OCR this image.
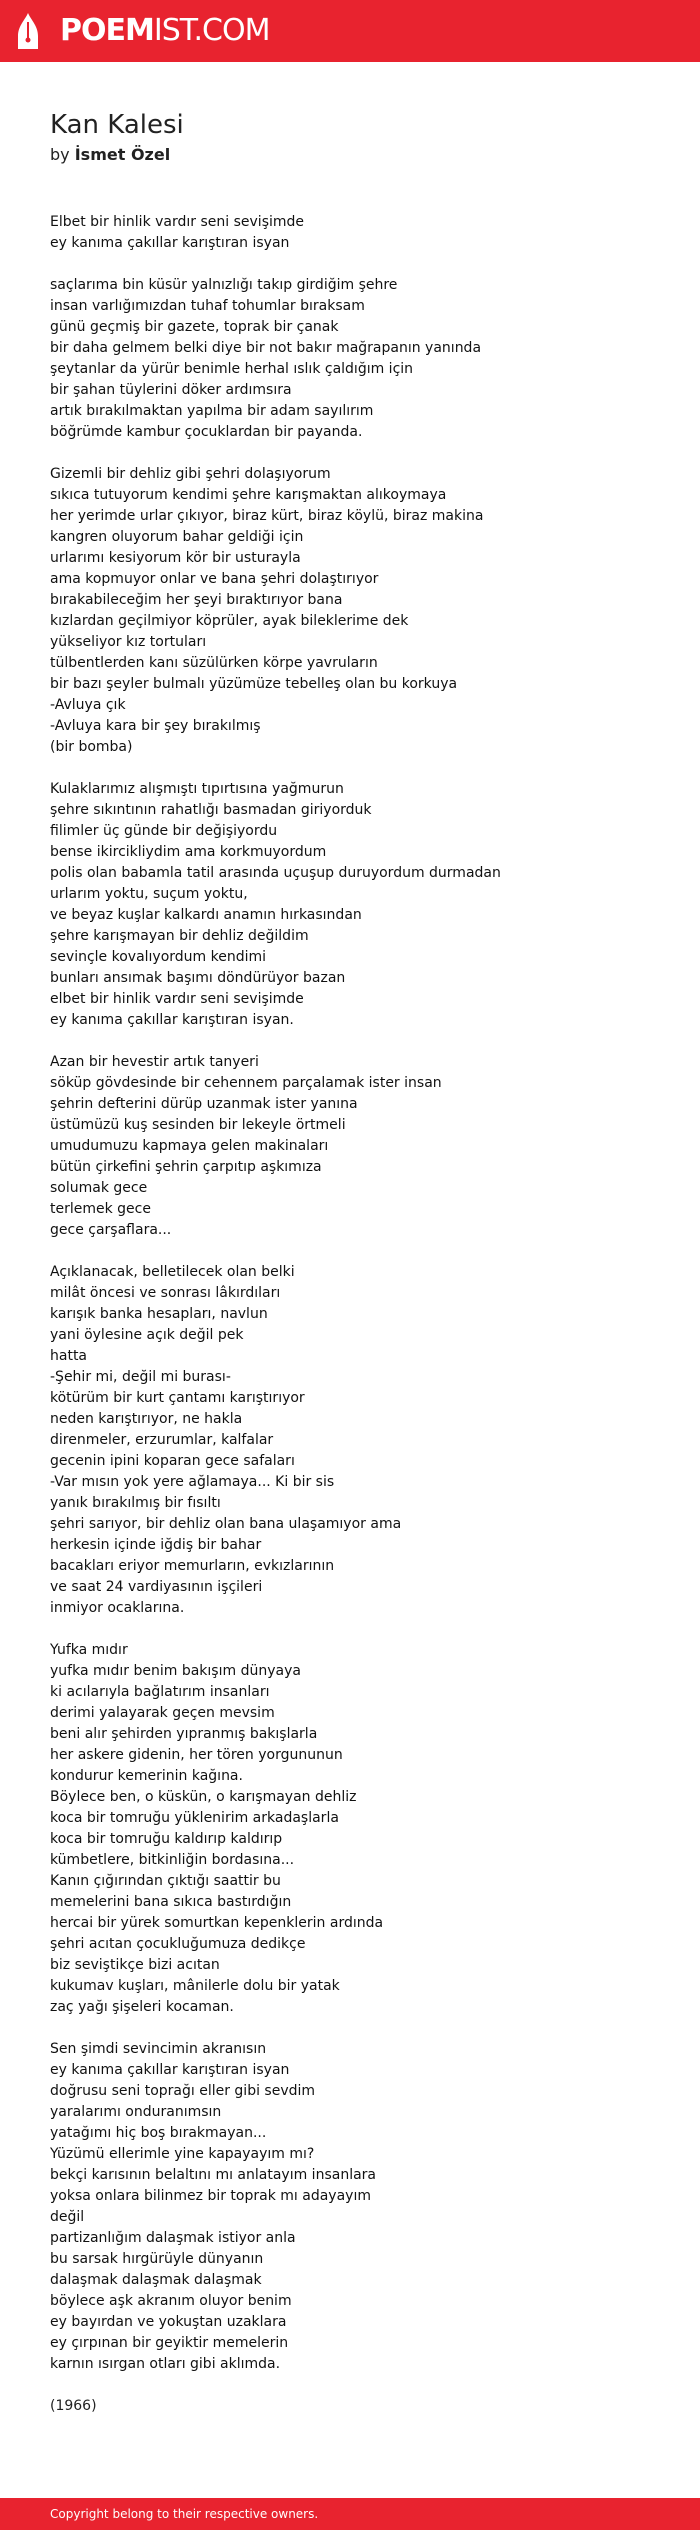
POEMIST.COM
Kan Kalesi
by İsmet Özel
Elbet bir hinlik vardır seni sevişimde
ey kanıma çakıllar karıştıran isyan
saçlarıma bin küsür yalnızlığı takıp girdiğim şehre
insan varlığımızdan tuhaf tohumlar bıraksam
günü geçmiş bir gazete, toprak bir çanak
bir daha gelmem belki diye bir not bakır mağrapanın yanında
şeytanlar da yürür benimle herhal ıslık çaldığım için
bir şahan tüylerini döker ardımsıra
artık bırakılmaktan yapılma bir adam sayılırım
böğrümde kambur çocuklardan bir payanda.
Gizemli bir dehliz gibi şehri dolaşıyorum
sıkıca tutuyorum kendimi şehre karışmaktan alıkoymaya
her yerimde urlar çıkıyor, biraz kürt, biraz köylü, biraz makina
kangren oluyorum bahar geldiği için
urlarımı kesiyorum kör bir usturayla
ama kopmuyor onlar ve bana şehri dolaştırıyor
bırakabileceğim her şeyi bıraktırıyor bana
kızlardan geçilmiyor köprüler, ayak bileklerime dek
yükseliyor kız tortuları
tülbentlerden kanı süzülürken körpe yavruların
bir bazı şeyler bulmalı yüzümüze tebelleş olan bu korkuya
-Avluya çık
-Avluya kara bir şey bırakılmış
(bir bomba)
Kulaklarımız alışmıştı tıpırtısına yağmurun
şehre sıkıntının rahatlığı basmadan giriyorduk
filimler üç günde bir değişiyordu
bense ikircikliydim ama korkmuyordum
polis olan babamla tatil arasında uçuşup duruyordum durmadan
urlarım yoktu, suçum yoktu,
ve beyaz kuşlar kalkardı anamın hırkasından
şehre karışmayan bir dehliz değildim
sevinçle kovalıyordum kendimi
bunları ansımak başımı döndürüyor bazan
elbet bir hinlik vardır seni sevişimde
ey kanıma çakıllar karıştıran isyan.
Azan bir hevestir artık tanyeri
söküp gövdesinde bir cehennem parçalamak ister insan
şehrin defterini dürüp uzanmak ister yanına
üstümüzü kuş sesinden bir lekeyle örtmeli
umudumuzu kapmaya gelen makinaları
bütün çirkefini şehrin çarpıtıp aşkımıza
solumak gece
terlemek gece
gece çarşaflara...
Açıklanacak, belletilecek olan belki
milât öncesi ve sonrası lâkırdıları
karışık banka hesapları, navlun
yani öylesine açık değil pek
hatta
-Şehir mi, değil mi burası-
kötürüm bir kurt çantamı karıştırıyor
neden karıştırıyor, ne hakla
direnmeler, erzurumlar, kalfalar
gecenin ipini koparan gece safaları
-Var mısın yok yere ağlamaya... Ki bir sis
yanık bırakılmış bir fısıltı
şehri sarıyor, bir dehliz olan bana ulaşamıyor ama
herkesin içinde iğdiş bir bahar
bacakları eriyor memurların, evkızlarının
ve saat 24 vardiyasının işçileri
inmiyor ocaklarına.
Yufka mıdır
yufka mıdır benim bakışım dünyaya
ki acılarıyla bağlatırım insanları
derimi yalayarak geçen mevsim
beni alır şehirden yıpranmış bakışlarla
her askere gidenin, her tören yorgununun
kondurur kemerinin kağına.
Böylece ben, o küskün, o karışmayan dehliz
koca bir tomruğu yüklenirim arkadaşlarla
koca bir tomruğu kaldırıp kaldırıp
kümbetlere, bitkinliğin bordasına...
Kanın çığırından çıktığı saattir bu
memelerini bana sıkıca bastırdığın
hercai bir yürek somurtkan kepenklerin ardında
şehri acıtan çocukluğumuza dedikçe
biz seviştikçe bizi acıtan
kukumav kuşları, mânilerle dolu bir yatak
zaç yağı şişeleri kocaman.
Sen şimdi sevincimin akranısın
ey kanıma çakıllar karıştıran isyan
doğrusu seni toprağı eller gibi sevdim
yaralarımı onduranımsın
yatağımı hiç boş bırakmayan...
Yüzümü ellerimle yine kapayayım mı?
bekçi karısının belaltını mı anlatayım insanlara
yoksa onlara bilinmez bir toprak mı adayayım
değil
partizanlığım dalaşmak istiyor anla
bu sarsak hırgürüyle dünyanın
dalaşmak dalaşmak dalaşmak
böylece aşk akranım oluyor benim
ey bayırdan ve yokuştan uzaklara
ey çırpınan bir geyiktir memelerin
karnın ısırgan otları gibi aklımda.
(1966)
Copyright belong to their respective owners.
